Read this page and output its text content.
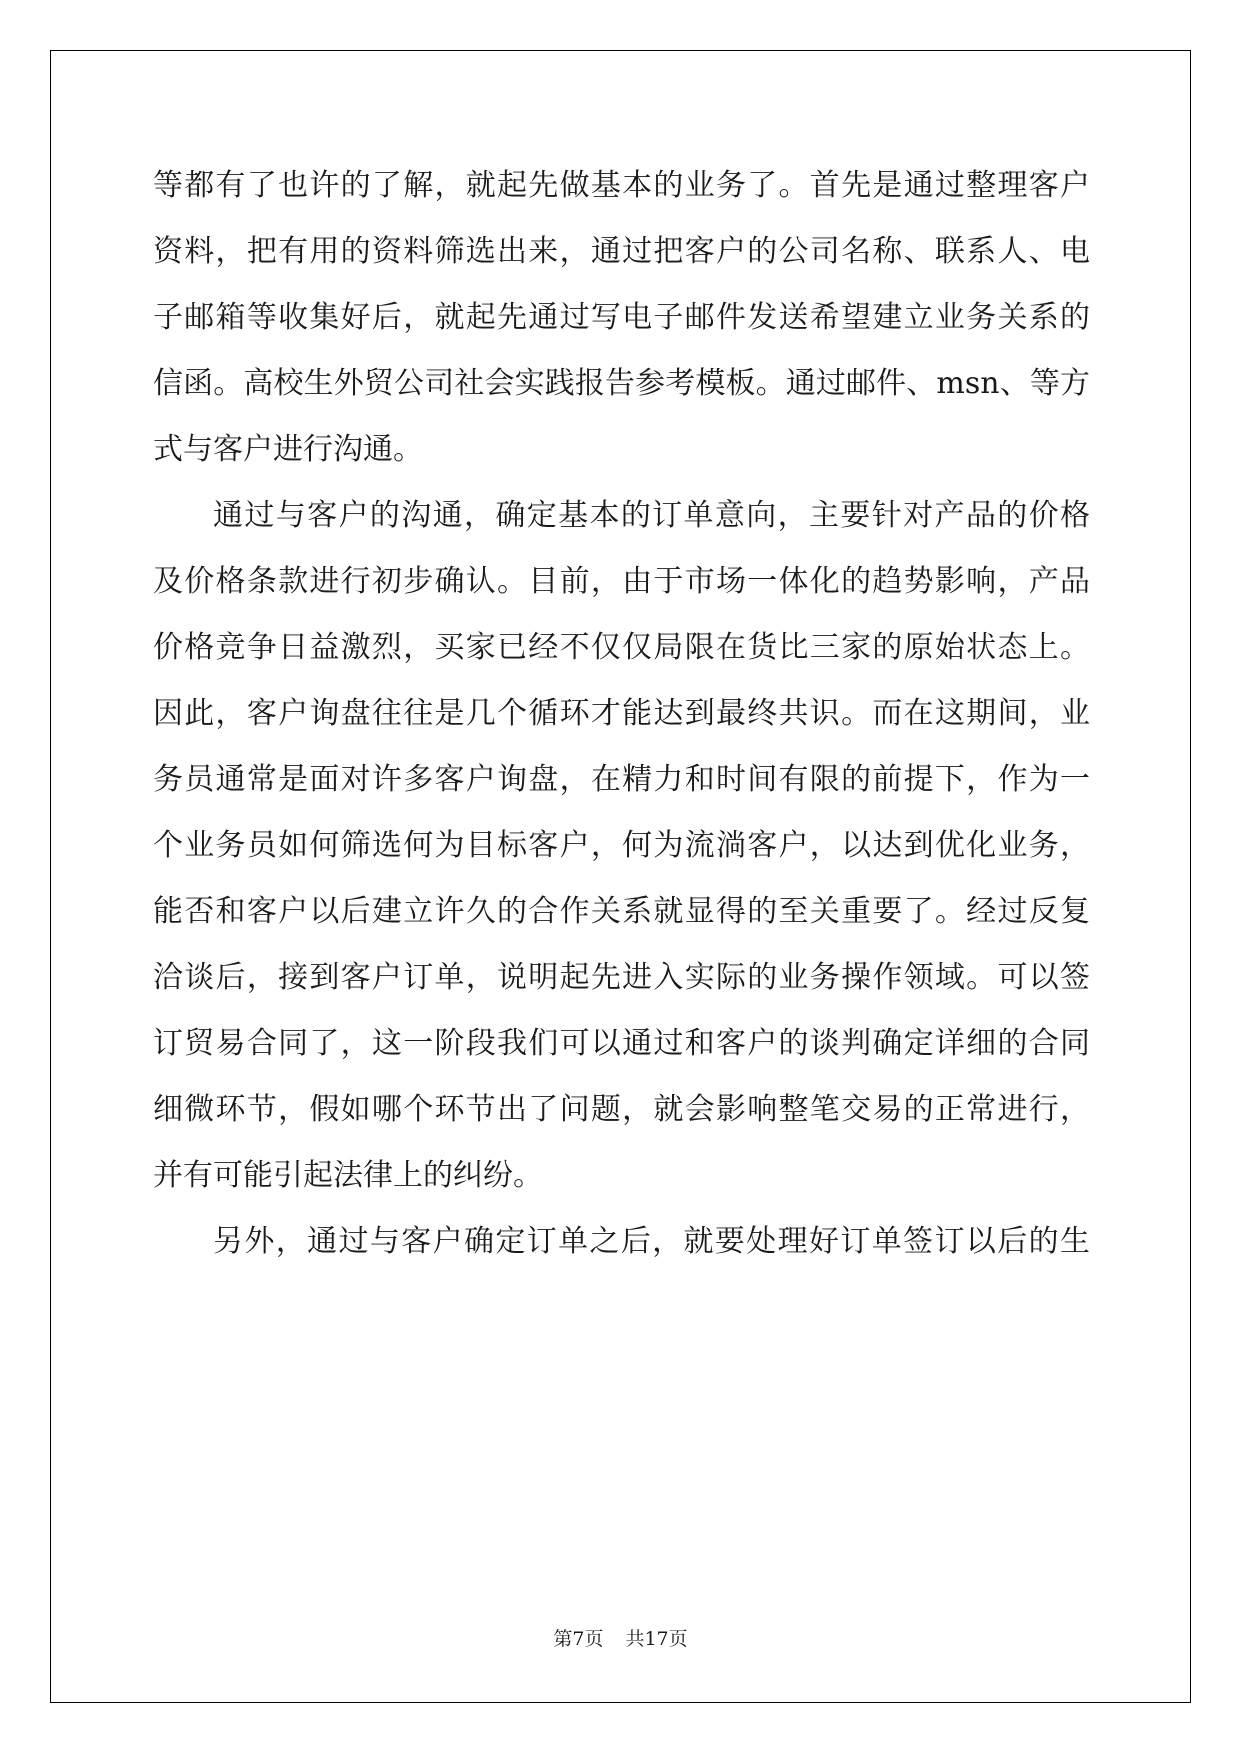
等都有了也许的了解，就起先做基本的业务了。首先是通过整理客户
资料，把有用的资料筛选出来，通过把客户的公司名称、联系人、电
子邮箱等收集好后，就起先通过写电子邮件发送希望建立业务关系的
信函。高校生外贸公司社会实践报告参考模板。通过邮件、msn、等方
式与客户进行沟通。
通过与客户的沟通，确定基本的订单意向，主要针对产品的价格
及价格条款进行初步确认。目前，由于市场一体化的趋势影响，产品
价格竞争日益激烈，买家已经不仅仅局限在货比三家的原始状态上。
因此，客户询盘往往是几个循环才能达到最终共识。而在这期间，业
务员通常是面对许多客户询盘，在精力和时间有限的前提下，作为一
个业务员如何筛选何为目标客户，何为流淌客户，以达到优化业务，
能否和客户以后建立许久的合作关系就显得的至关重要了。经过反复
洽谈后，接到客户订单，说明起先进入实际的业务操作领域。可以签
订贸易合同了，这一阶段我们可以通过和客户的谈判确定详细的合同
细微环节，假如哪个环节出了问题，就会影响整笔交易的正常进行，
并有可能引起法律上的纠纷。
另外，通过与客户确定订单之后，就要处理好订单签订以后的生
第7页 共17页
